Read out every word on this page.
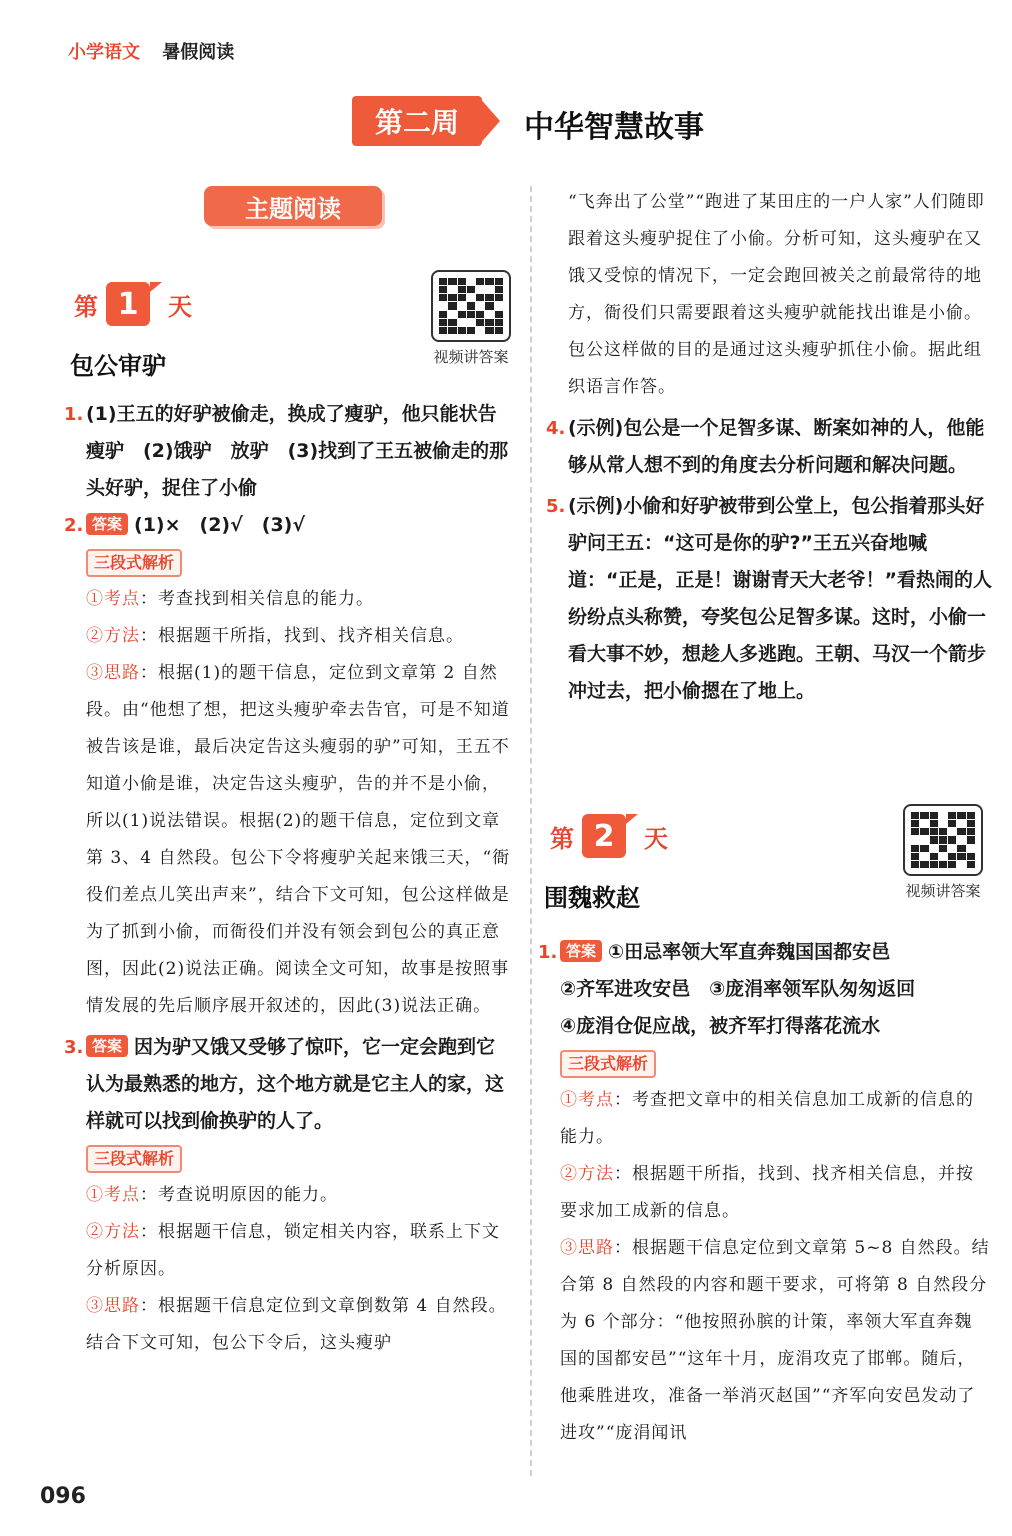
小学语文 暑假阅读
第二周	中华智慧故事
主题阅读
第 1	天
视频讲答案
包公审驴
1. (1)王五的好驴被偷走，换成了瘦驴，他只能状告瘦驴　(2)饿驴　放驴　(3)找到了王五被偷走的那头好驴，捉住了小偷
2. 答案 (1)×　(2)√　(3)√
三段式解析
①考点：考查找到相关信息的能力。
②方法：根据题干所指，找到、找齐相关信息。
③思路：根据(1)的题干信息，定位到文章第 2 自然段。由“他想了想，把这头瘦驴牵去告官，可是不知道被告该是谁，最后决定告这头瘦弱的驴”可知，王五不知道小偷是谁，决定告这头瘦驴，告的并不是小偷，所以(1)说法错误。根据(2)的题干信息，定位到文章第 3、4 自然段。包公下令将瘦驴关起来饿三天，“衙役们差点儿笑出声来”，结合下文可知，包公这样做是为了抓到小偷，而衙役们并没有领会到包公的真正意图，因此(2)说法正确。阅读全文可知，故事是按照事情发展的先后顺序展开叙述的，因此(3)说法正确。
3. 答案 因为驴又饿又受够了惊吓，它一定会跑到它认为最熟悉的地方，这个地方就是它主人的家，这样就可以找到偷换驴的人了。
三段式解析
①考点：考查说明原因的能力。
②方法：根据题干信息，锁定相关内容，联系上下文分析原因。
③思路：根据题干信息定位到文章倒数第 4 自然段。结合下文可知，包公下令后，这头瘦驴
“飞奔出了公堂”“跑进了某田庄的一户人家”人们随即跟着这头瘦驴捉住了小偷。分析可知，这头瘦驴在又饿又受惊的情况下，一定会跑回被关之前最常待的地方，衙役们只需要跟着这头瘦驴就能找出谁是小偷。包公这样做的目的是通过这头瘦驴抓住小偷。据此组织语言作答。
4. (示例)包公是一个足智多谋、断案如神的人，他能够从常人想不到的角度去分析问题和解决问题。
5. (示例)小偷和好驴被带到公堂上，包公指着那头好驴问王五：“这可是你的驴?”王五兴奋地喊道：“正是，正是！谢谢青天大老爷！”看热闹的人纷纷点头称赞，夸奖包公足智多谋。这时，小偷一看大事不妙，想趁人多逃跑。王朝、马汉一个箭步冲过去，把小偷摁在了地上。
第 2	天
视频讲答案
围魏救赵
1. 答案 ①田忌率领大军直奔魏国国都安邑
②齐军进攻安邑　③庞涓率领军队匆匆返回
④庞涓仓促应战，被齐军打得落花流水
三段式解析
①考点：考查把文章中的相关信息加工成新的信息的能力。
②方法：根据题干所指，找到、找齐相关信息，并按要求加工成新的信息。
③思路：根据题干信息定位到文章第 5~8 自然段。结合第 8 自然段的内容和题干要求，可将第 8 自然段分为 6 个部分：“他按照孙膑的计策，率领大军直奔魏国的国都安邑”“这年十月，庞涓攻克了邯郸。随后，他乘胜进攻，准备一举消灭赵国”“齐军向安邑发动了进攻”“庞涓闻讯
096
